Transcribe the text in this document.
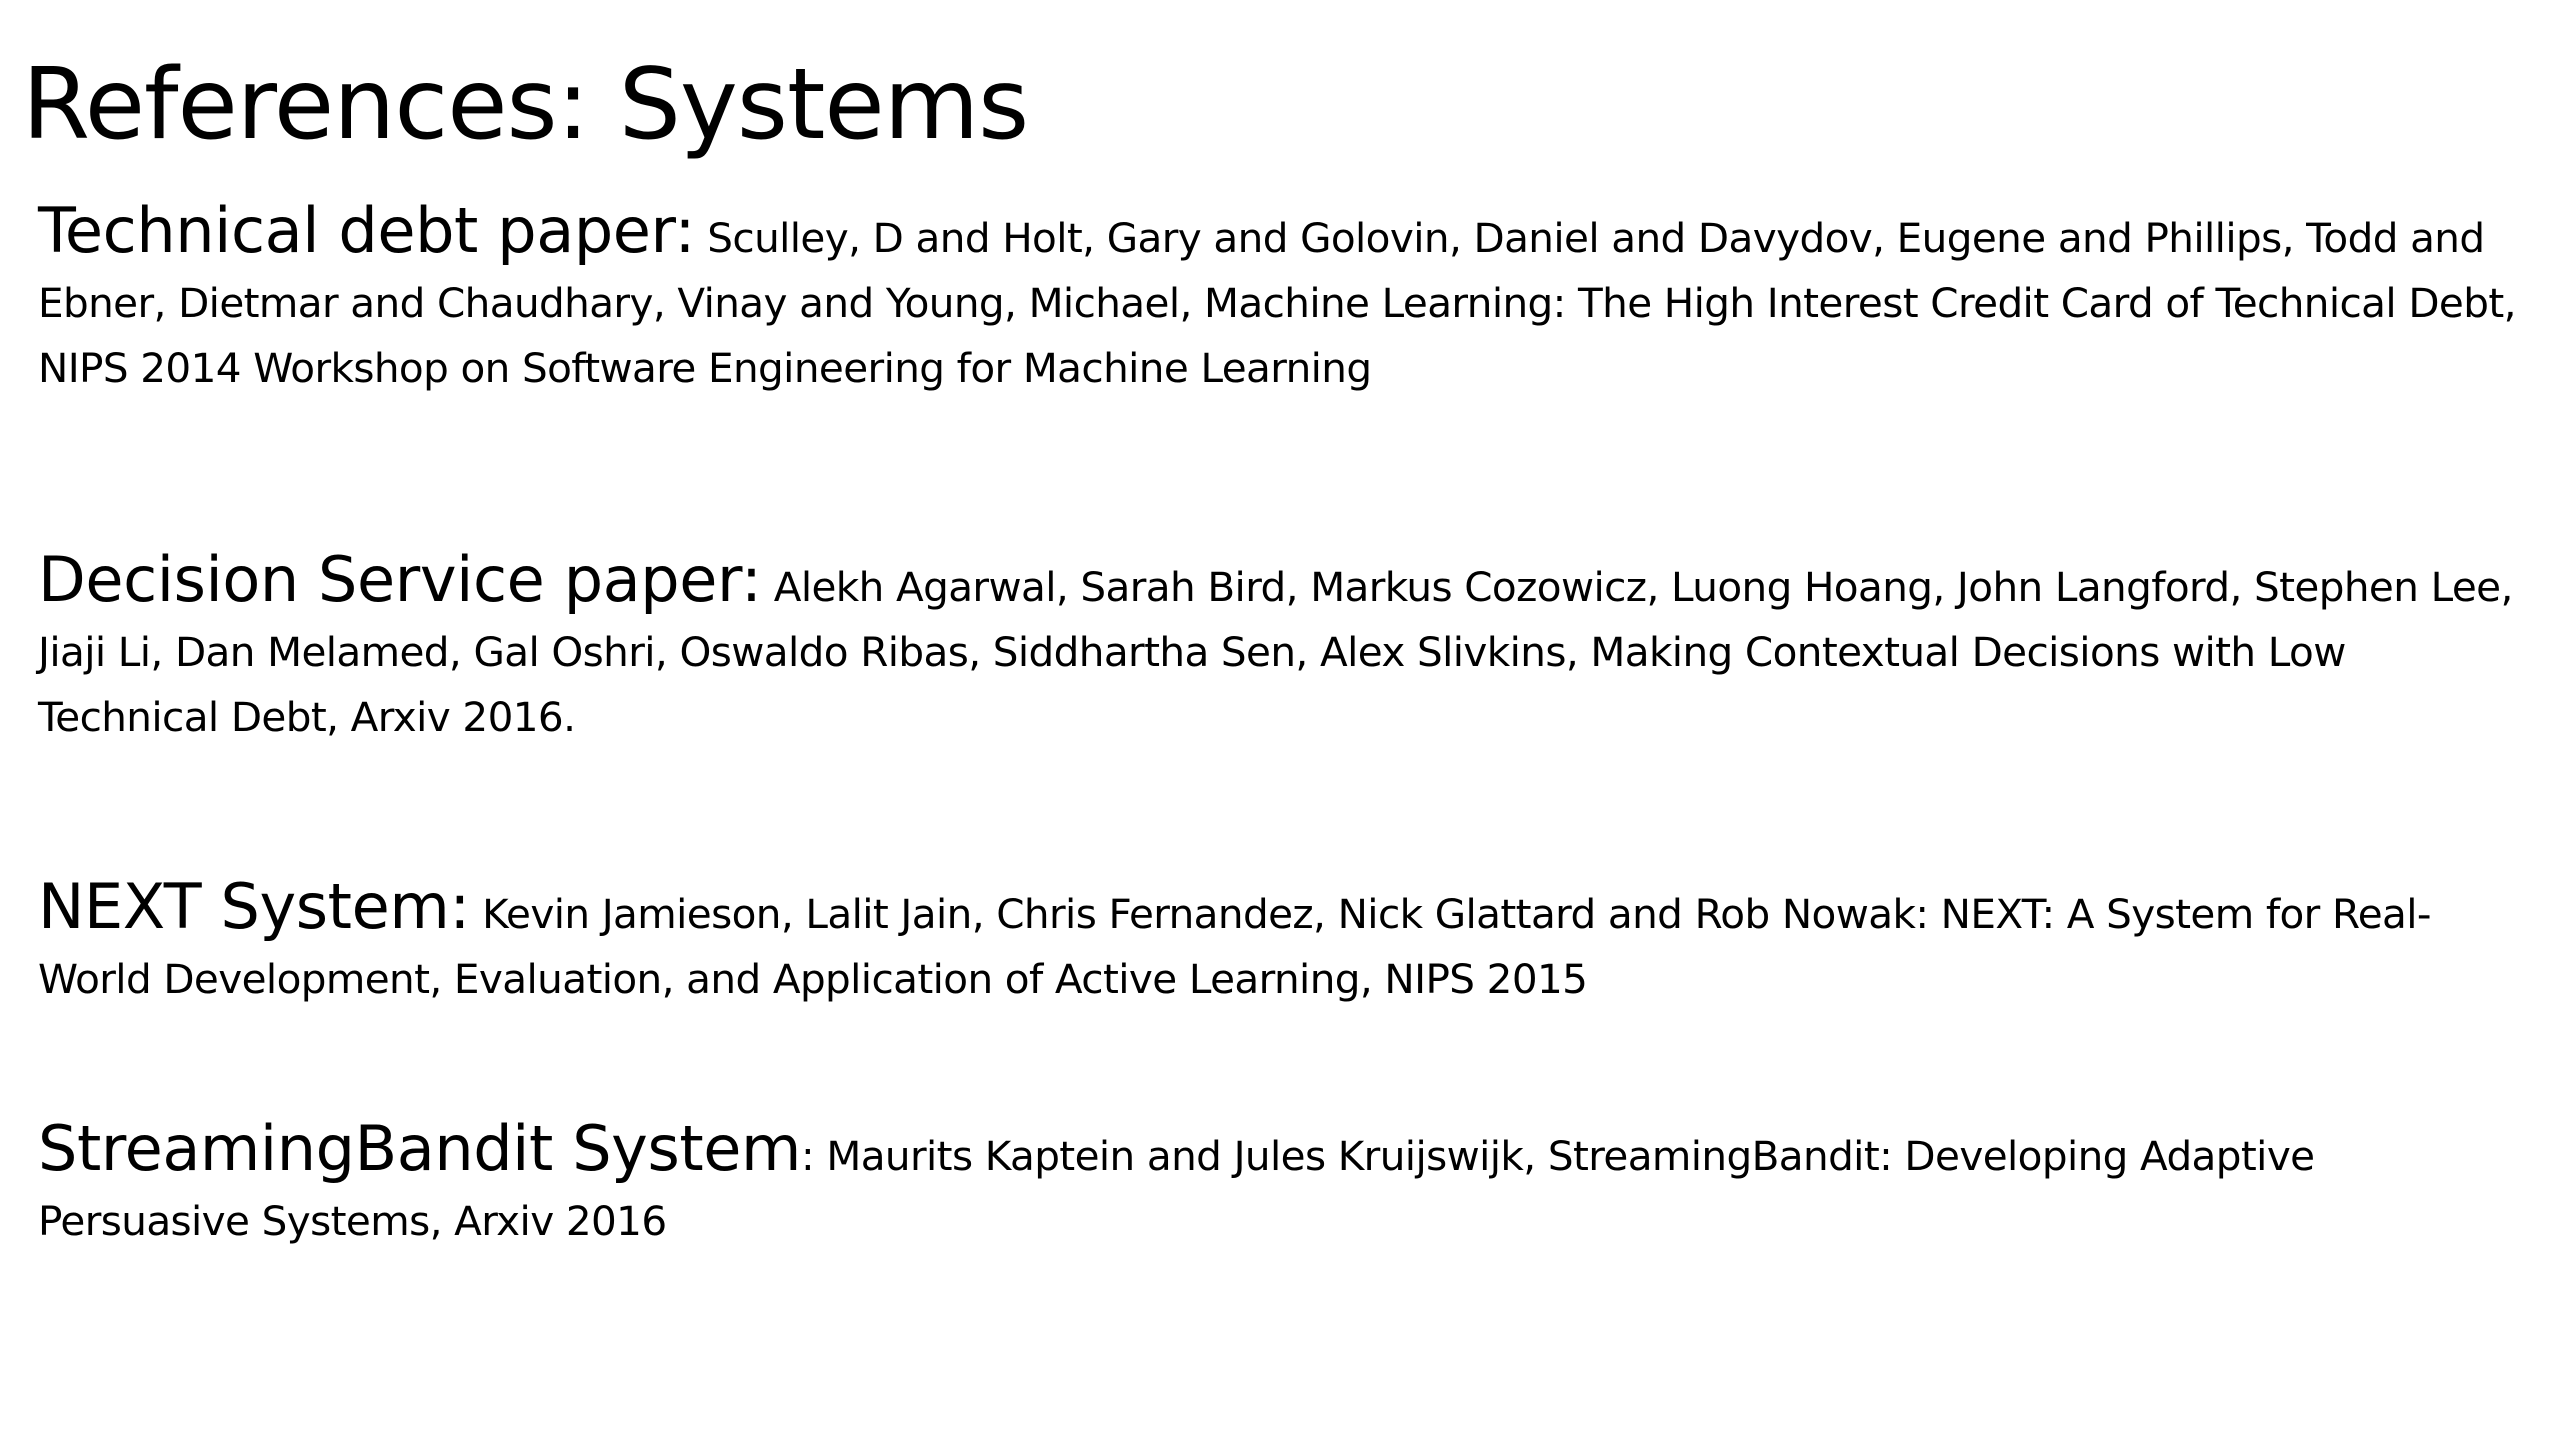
References: Systems

Technical debt paper: Sculley, D and Holt, Gary and Golovin, Daniel and Davydov, Eugene and Phillips, Todd and Ebner, Dietmar and Chaudhary, Vinay and Young, Michael, Machine Learning: The High Interest Credit Card of Technical Debt, NIPS 2014 Workshop on Software Engineering for Machine Learning

Decision Service paper: Alekh Agarwal, Sarah Bird, Markus Cozowicz, Luong Hoang, John Langford, Stephen Lee, Jiaji Li, Dan Melamed, Gal Oshri, Oswaldo Ribas, Siddhartha Sen, Alex Slivkins, Making Contextual Decisions with Low Technical Debt, Arxiv 2016.

NEXT System: Kevin Jamieson, Lalit Jain, Chris Fernandez, Nick Glattard and Rob Nowak: NEXT: A System for Real-World Development, Evaluation, and Application of Active Learning, NIPS 2015

StreamingBandit System: Maurits Kaptein and Jules Kruijswijk, StreamingBandit: Developing Adaptive Persuasive Systems, Arxiv 2016
